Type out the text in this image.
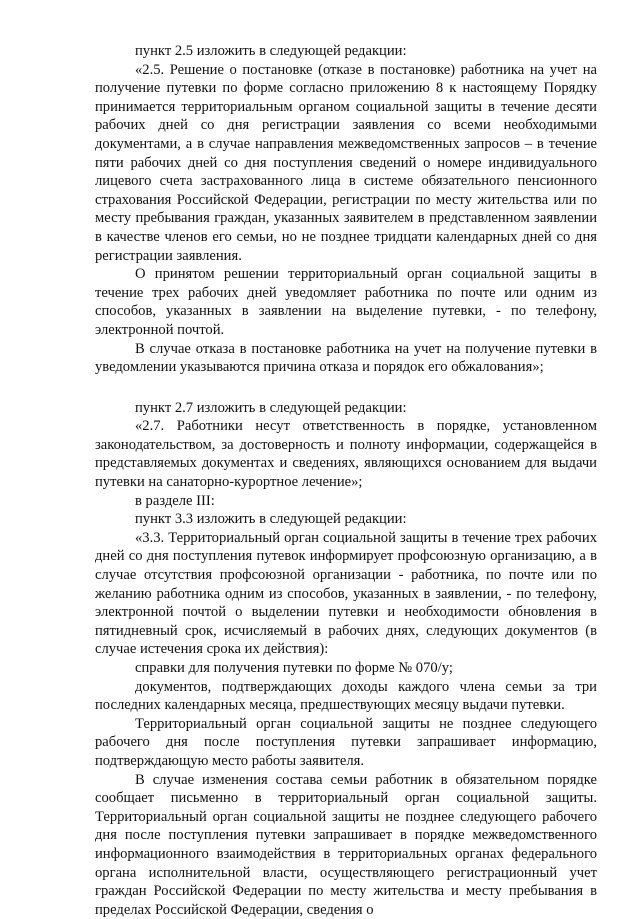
пункт 2.5 изложить в следующей редакции:

«2.5. Решение о постановке (отказе в постановке) работника на учет на получение путевки по форме согласно приложению 8 к настоящему Порядку принимается территориальным органом социальной защиты в течение десяти рабочих дней со дня регистрации заявления со всеми необходимыми документами, а в случае направления межведомственных запросов – в течение пяти рабочих дней со дня поступления сведений о номере индивидуального лицевого счета застрахованного лица в системе обязательного пенсионного страхования Российской Федерации, регистрации по месту жительства или по месту пребывания граждан, указанных заявителем в представленном заявлении в качестве членов его семьи, но не позднее тридцати календарных дней со дня регистрации заявления.

О принятом решении территориальный орган социальной защиты в течение трех рабочих дней уведомляет работника по почте или одним из способов, указанных в заявлении на выделение путевки, - по телефону, электронной почтой.

В случае отказа в постановке работника на учет на получение путевки в уведомлении указываются причина отказа и порядок его обжалования»;

пункт 2.7 изложить в следующей редакции:

«2.7. Работники несут ответственность в порядке, установленном законодательством, за достоверность и полноту информации, содержащейся в представляемых документах и сведениях, являющихся основанием для выдачи путевки на санаторно-курортное лечение»;

в разделе III:

пункт 3.3 изложить в следующей редакции:

«3.3. Территориальный орган социальной защиты в течение трех рабочих дней со дня поступления путевок информирует профсоюзную организацию, а в случае отсутствия профсоюзной организации - работника, по почте или по желанию работника одним из способов, указанных в заявлении, - по телефону, электронной почтой о выделении путевки и необходимости обновления в пятидневный срок, исчисляемый в рабочих днях, следующих документов (в случае истечения срока их действия):

справки для получения путевки по форме № 070/у;

документов, подтверждающих доходы каждого члена семьи за три последних календарных месяца, предшествующих месяцу выдачи путевки.

Территориальный орган социальной защиты не позднее следующего рабочего дня после поступления путевки запрашивает информацию, подтверждающую место работы заявителя.

В случае изменения состава семьи работник в обязательном порядке сообщает письменно в территориальный орган социальной защиты. Территориальный орган социальной защиты не позднее следующего рабочего дня после поступления путевки запрашивает в порядке межведомственного информационного взаимодействия в территориальных органах федерального органа исполнительной власти, осуществляющего регистрационный учет граждан Российской Федерации по месту жительства и месту пребывания в пределах Российской Федерации, сведения о
